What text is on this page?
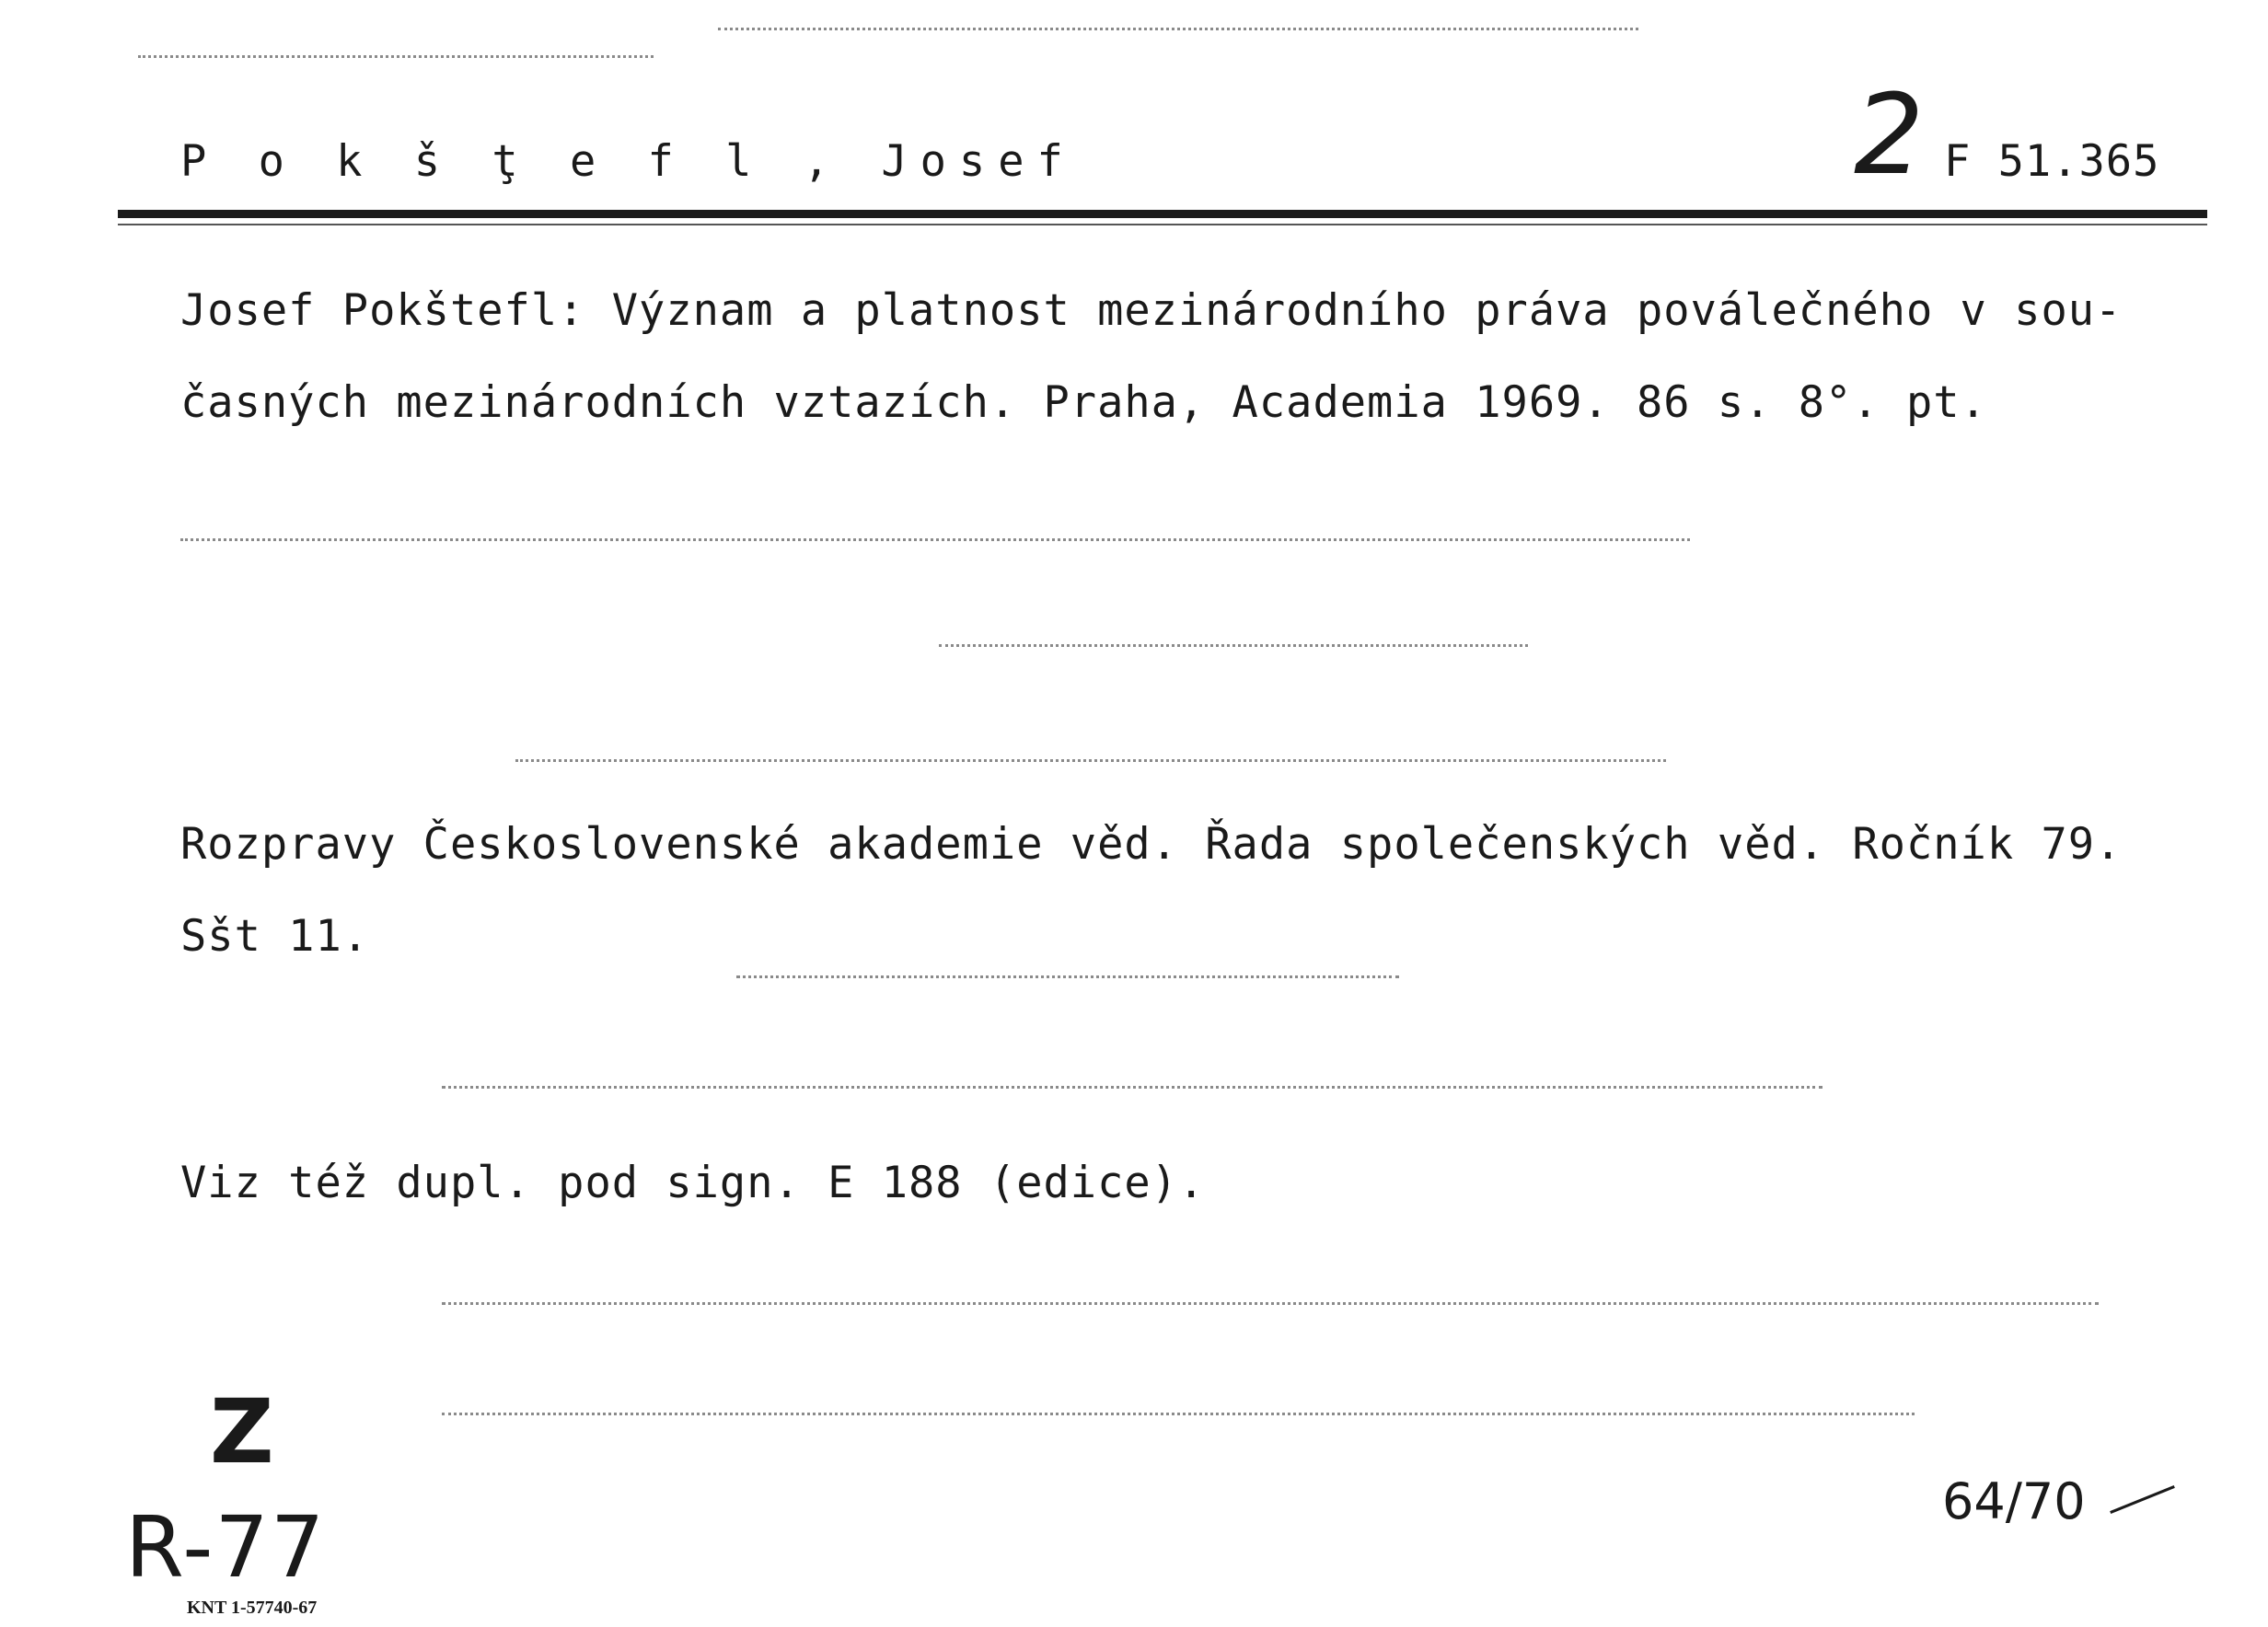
P o k š ţ e f l , Josef	2 F 51.365
Josef Pokštefl: Význam a platnost mezinárodního práva poválečného v sou-
časných mezinárodních vztazích. Praha, Academia 1969. 86 s. 8°. pt.
Rozpravy Československé akademie věd. Řada společenských věd. Ročník 79.
Sšt 11.
Viz též dupl. pod sign. E 188 (edice).
Z
R-77
KNT 1-57740-67
64/70
